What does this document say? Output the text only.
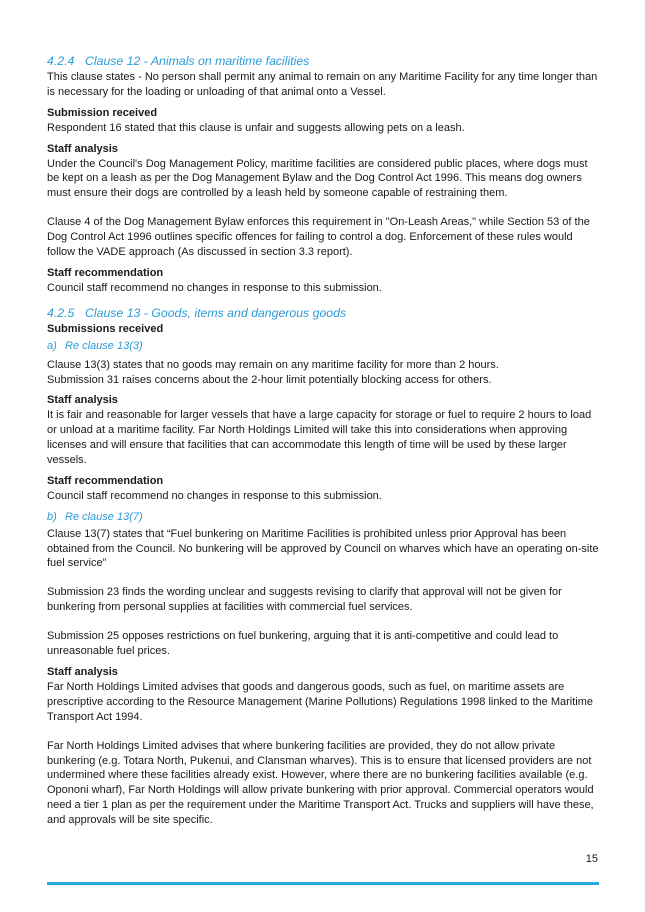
4.2.4 Clause 12 - Animals on maritime facilities

This clause states - No person shall permit any animal to remain on any Maritime Facility for any time longer than is necessary for the loading or unloading of that animal onto a Vessel.

Submission received

Respondent 16 stated that this clause is unfair and suggests allowing pets on a leash.

Staff analysis

Under the Council's Dog Management Policy, maritime facilities are considered public places, where dogs must be kept on a leash as per the Dog Management Bylaw and the Dog Control Act 1996. This means dog owners must ensure their dogs are controlled by a leash held by someone capable of restraining them.

Clause 4 of the Dog Management Bylaw enforces this requirement in "On-Leash Areas," while Section 53 of the Dog Control Act 1996 outlines specific offences for failing to control a dog. Enforcement of these rules would follow the VADE approach (As discussed in section 3.3 report).

Staff recommendation

Council staff recommend no changes in response to this submission.

4.2.5 Clause 13 - Goods, items and dangerous goods

Submissions received

a) Re clause 13(3)

Clause 13(3) states that no goods may remain on any maritime facility for more than 2 hours.

Submission 31 raises concerns about the 2-hour limit potentially blocking access for others.

Staff analysis

It is fair and reasonable for larger vessels that have a large capacity for storage or fuel to require 2 hours to load or unload at a maritime facility. Far North Holdings Limited will take this into considerations when approving licenses and will ensure that facilities that can accommodate this length of time will be used by these larger vessels.

Staff recommendation

Council staff recommend no changes in response to this submission.

b) Re clause 13(7)

Clause 13(7) states that “Fuel bunkering on Maritime Facilities is prohibited unless prior Approval has been obtained from the Council. No bunkering will be approved by Council on wharves which have an operating on-site fuel service”

Submission 23 finds the wording unclear and suggests revising to clarify that approval will not be given for bunkering from personal supplies at facilities with commercial fuel services.

Submission 25 opposes restrictions on fuel bunkering, arguing that it is anti-competitive and could lead to unreasonable fuel prices.

Staff analysis

Far North Holdings Limited advises that goods and dangerous goods, such as fuel, on maritime assets are prescriptive according to the Resource Management (Marine Pollutions) Regulations 1998 linked to the Maritime Transport Act 1994.

Far North Holdings Limited advises that where bunkering facilities are provided, they do not allow private bunkering (e.g. Totara North, Pukenui, and Clansman wharves). This is to ensure that licensed providers are not undermined where these facilities already exist. However, where there are no bunkering facilities available (e.g. Opononi wharf), Far North Holdings will allow private bunkering with prior approval. Commercial operators would need a tier 1 plan as per the requirement under the Maritime Transport Act. Trucks and suppliers will have these, and approvals will be site specific.

15
